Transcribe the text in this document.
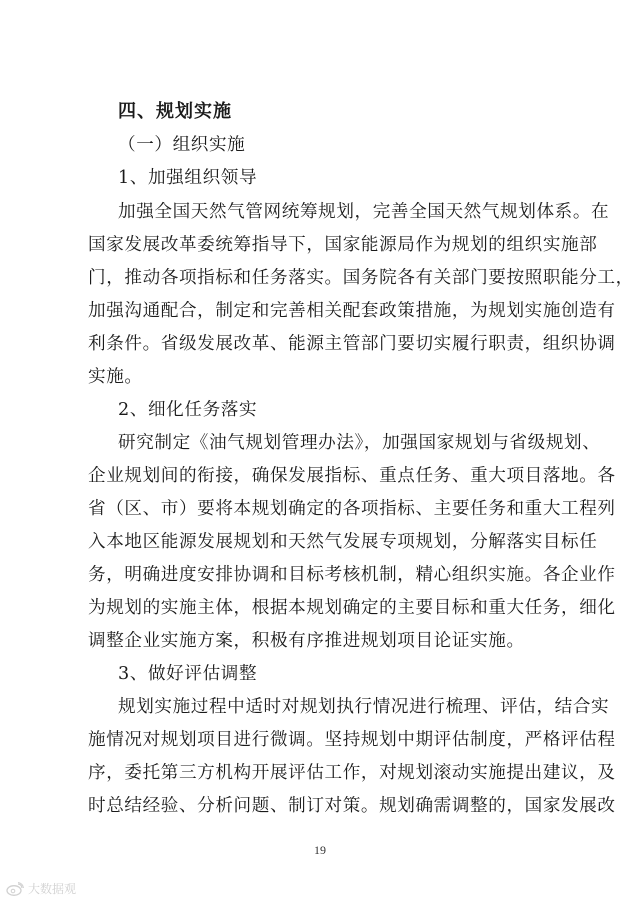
四、规划实施
（一）组织实施
1、加强组织领导
加强全国天然气管网统筹规划，完善全国天然气规划体系。在
国家发展改革委统筹指导下，国家能源局作为规划的组织实施部
门，推动各项指标和任务落实。国务院各有关部门要按照职能分工，
加强沟通配合，制定和完善相关配套政策措施，为规划实施创造有
利条件。省级发展改革、能源主管部门要切实履行职责，组织协调
实施。
2、细化任务落实
研究制定《油气规划管理办法》，加强国家规划与省级规划、
企业规划间的衔接，确保发展指标、重点任务、重大项目落地。各
省（区、市）要将本规划确定的各项指标、主要任务和重大工程列
入本地区能源发展规划和天然气发展专项规划，分解落实目标任
务，明确进度安排协调和目标考核机制，精心组织实施。各企业作
为规划的实施主体，根据本规划确定的主要目标和重大任务，细化
调整企业实施方案，积极有序推进规划项目论证实施。
3、做好评估调整
规划实施过程中适时对规划执行情况进行梳理、评估，结合实
施情况对规划项目进行微调。坚持规划中期评估制度，严格评估程
序，委托第三方机构开展评估工作，对规划滚动实施提出建议，及
时总结经验、分析问题、制订对策。规划确需调整的，国家发展改
19
大数据观
